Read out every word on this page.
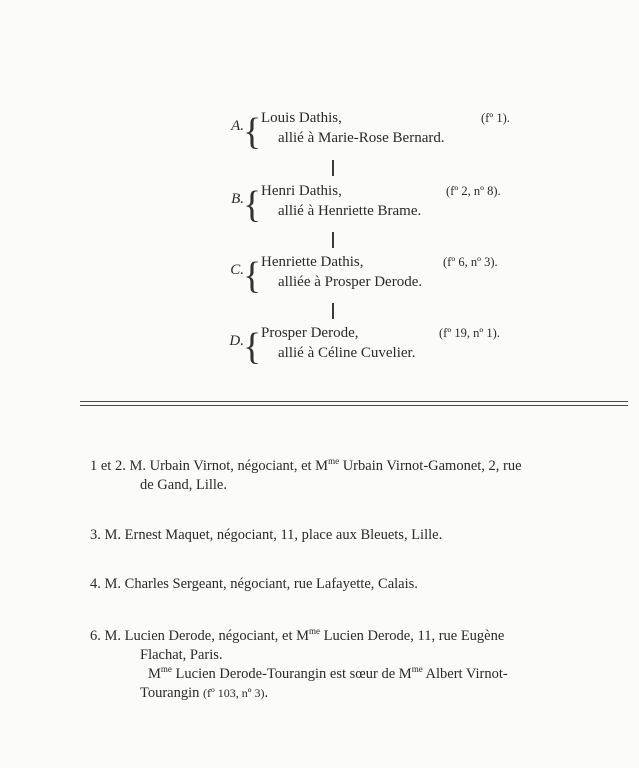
A. { Louis Dathis,
allié à Marie-Rose Bernard.
(fº 1).
B. { Henri Dathis,
allié à Henriette Brame.
(fº 2, nº 8).
C. { Henriette Dathis,
alliée à Prosper Derode.
(fº 6, nº 3).
D. { Prosper Derode,
allié à Céline Cuvelier.
(fº 19, nº 1).
1 et 2. M. Urbain Virnot, négociant, et $M^{me}$ Urbain Virnot-Gamonet, 2, rue
de Gand, Lille.
3. M. Ernest Maquet, négociant, 11, place aux Bleuets, Lille.
4. M. Charles Sergeant, négociant, rue Lafayette, Calais.
6. M. Lucien Derode, négociant, et $M^{me}$ Lucien Derode, 11, rue Eugène
Flachat, Paris.
$M^{me}$ Lucien Derode-Tourangin est sœur de $M^{me}$ Albert Virnot-
Tourangin (fº 103, nº 3).
